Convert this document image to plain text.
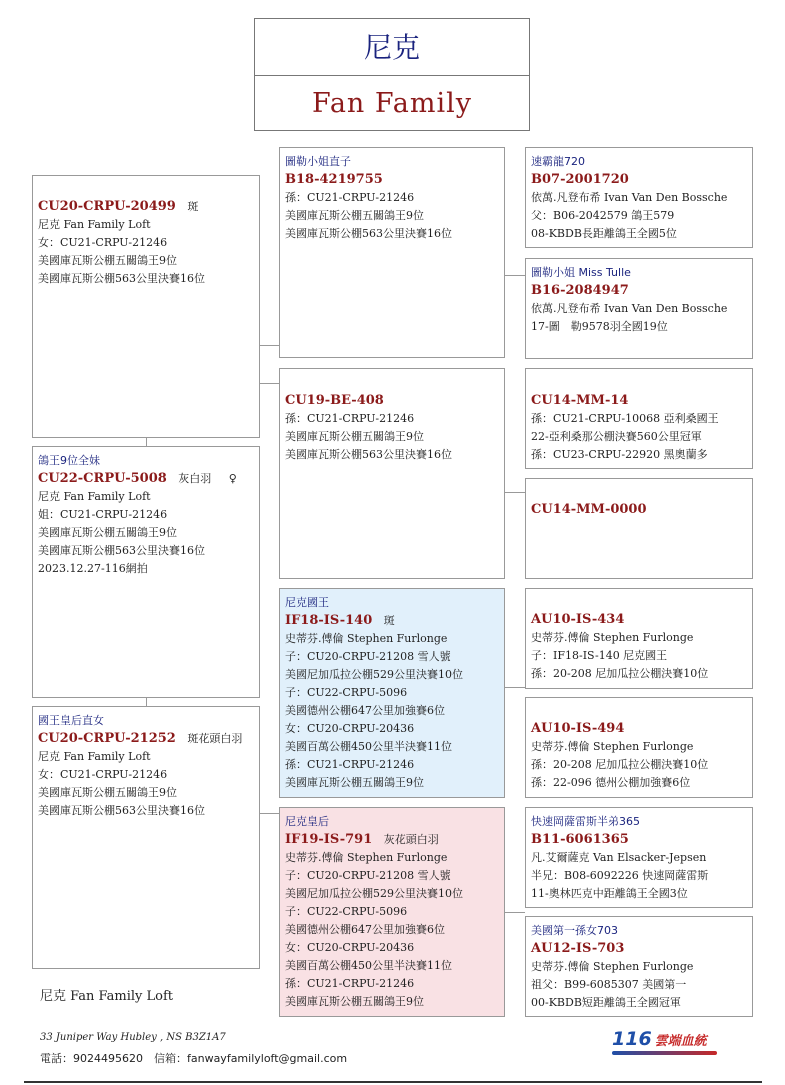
尼克
Fan Family
CU20-CRPU-20499 斑
尼克 Fan Family Loft
女：CU21-CRPU-21246
美國庫瓦斯公棚五關鴿王9位
美國庫瓦斯公棚563公里決賽16位
鴿王9位全妹
CU22-CRPU-5008 灰白羽 ♀
尼克 Fan Family Loft
姐：CU21-CRPU-21246
美國庫瓦斯公棚五關鴿王9位
美國庫瓦斯公棚563公里決賽16位
2023.12.27-116網拍
國王皇后直女
CU20-CRPU-21252 斑花頭白羽
尼克 Fan Family Loft
女：CU21-CRPU-21246
美國庫瓦斯公棚五關鴿王9位
美國庫瓦斯公棚563公里決賽16位
圖勒小姐直子
B18-4219755
孫：CU21-CRPU-21246
美國庫瓦斯公棚五關鴿王9位
美國庫瓦斯公棚563公里決賽16位
CU19-BE-408
孫：CU21-CRPU-21246
美國庫瓦斯公棚五關鴿王9位
美國庫瓦斯公棚563公里決賽16位
尼克國王
IF18-IS-140 斑
史蒂芬.傅倫 Stephen Furlonge
子：CU20-CRPU-21208 雪人號
美國尼加瓜拉公棚529公里決賽10位
子：CU22-CRPU-5096
美國德州公棚647公里加強賽6位
女：CU20-CRPU-20436
美國百萬公棚450公里半決賽11位
孫：CU21-CRPU-21246
美國庫瓦斯公棚五關鴿王9位
尼克皇后
IF19-IS-791 灰花頭白羽
史蒂芬.傅倫 Stephen Furlonge
子：CU20-CRPU-21208 雪人號
美國尼加瓜拉公棚529公里決賽10位
子：CU22-CRPU-5096
美國德州公棚647公里加強賽6位
女：CU20-CRPU-20436
美國百萬公棚450公里半決賽11位
孫：CU21-CRPU-21246
美國庫瓦斯公棚五關鴿王9位
速霸龍720
B07-2001720
依萬.凡登布希 Ivan Van Den Bossche
父：B06-2042579 鴿王579
08-KBDB長距離鴿王全國5位
圖勒小姐 Miss Tulle
B16-2084947
依萬.凡登布希 Ivan Van Den Bossche
17-圖　勒9578羽全國19位
CU14-MM-14
孫：CU21-CRPU-10068 亞利桑國王
22-亞利桑那公棚決賽560公里冠軍
孫：CU23-CRPU-22920 黑奧蘭多
CU14-MM-0000
AU10-IS-434
史蒂芬.傅倫 Stephen Furlonge
子：IF18-IS-140 尼克國王
孫：20-208 尼加瓜拉公棚決賽10位
AU10-IS-494
史蒂芬.傅倫 Stephen Furlonge
孫：20-208 尼加瓜拉公棚決賽10位
孫：22-096 德州公棚加強賽6位
快速岡薩雷斯半弟365
B11-6061365
凡.艾爾薩克 Van Elsacker-Jepsen
半兄：B08-6092226 快速岡薩雷斯
11-奧林匹克中距離鴿王全國3位
美國第一孫女703
AU12-IS-703
史蒂芬.傅倫 Stephen Furlonge
祖父：B99-6085307 美國第一
00-KBDB短距離鴿王全國冠軍
尼克 Fan Family Loft
33 Juniper Way Hubley , NS B3Z1A7
電話：9024495620　信箱：fanwayfamilyloft@gmail.com
116 雲端血統
